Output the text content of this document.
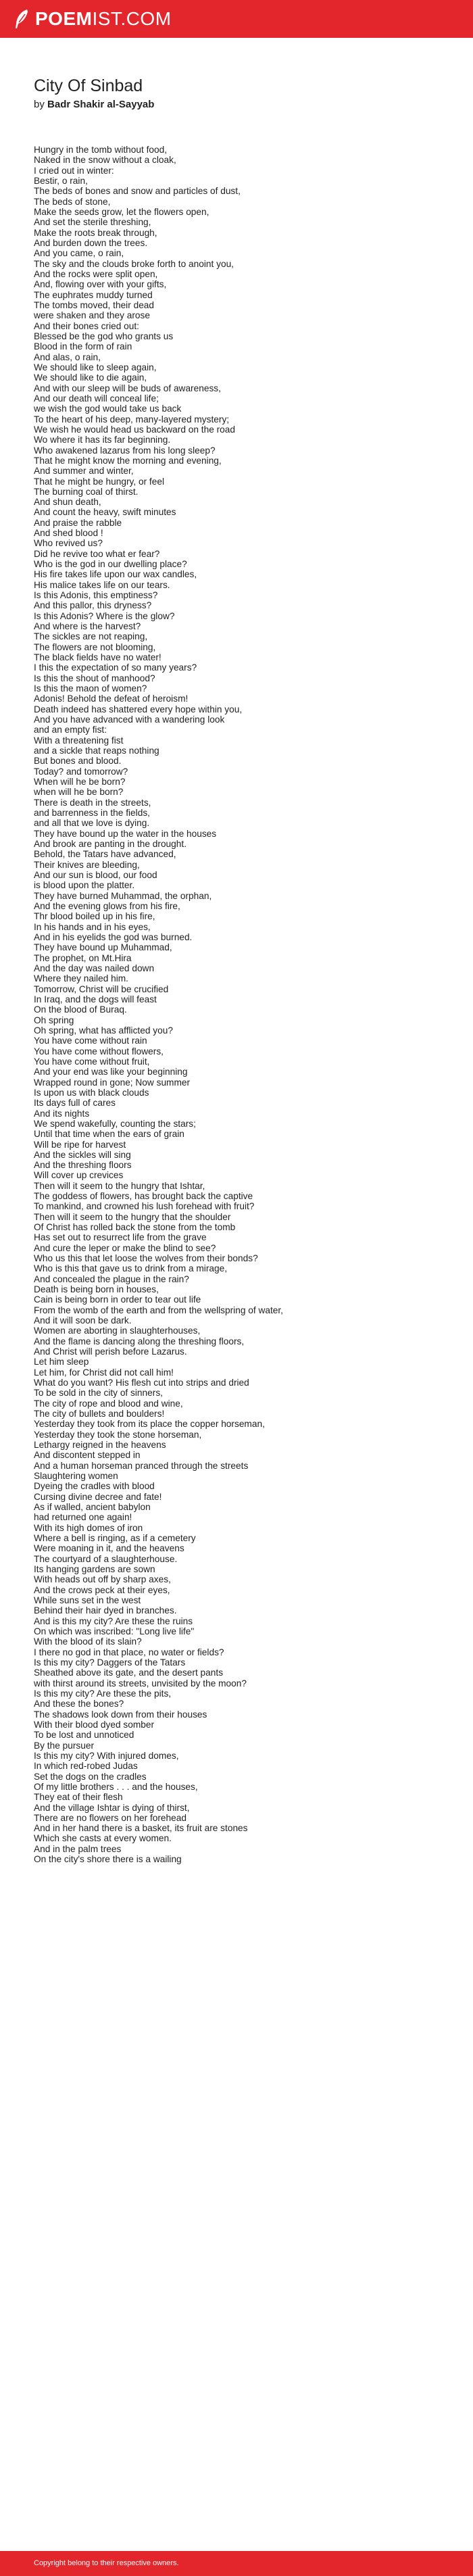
POEMIST.COM
City Of Sinbad
by Badr Shakir al-Sayyab
Hungry in the tomb without food,
Naked in the snow without a cloak,
I cried out in winter:
Bestir, o rain,
The beds of bones and snow and particles of dust,
The beds of stone,
Make the seeds grow, let the flowers open,
And set the sterile threshing,
Make the roots break through,
And burden down the trees.
And you came, o rain,
The sky and the clouds broke forth to anoint you,
And the rocks were split open,
And, flowing over with your gifts,
The euphrates muddy turned
The tombs moved, their dead
were shaken and they arose
And their bones cried out:
Blessed be the god who grants us
Blood in the form of rain
And alas, o rain,
We should like to sleep again,
We should like to die again,
And with our sleep will be buds of awareness,
And our death will conceal life;
we wish the god would take us back
To the heart of his deep, many-layered mystery;
We wish he would head us backward on the road
Wo where it has its far beginning.
Who awakened lazarus from his long sleep?
That he might know the morning and evening,
And summer and winter,
That he might be hungry, or feel
The burning coal of thirst.
And shun death,
And count the heavy, swift minutes
And praise the rabble
And shed blood !
Who revived us?
Did he revive too what er fear?
Who is the god in our dwelling place?
His fire takes life upon our wax candles,
His malice takes life on our tears.
Is this Adonis, this emptiness?
And this pallor, this dryness?
Is this Adonis? Where is the glow?
And where is the harvest?
The sickles are not reaping,
The flowers are not blooming,
The black fields have no water!
I this the expectation of so many years?
Is this the shout of manhood?
Is this the maon of women?
Adonis! Behold the defeat of heroism!
Death indeed has shattered every hope within you,
And you have advanced with a wandering look
and an empty fist:
With a threatening fist
and a sickle that reaps nothing
But bones and blood.
Today? and tomorrow?
When will he be born?
when will he be born?
There is death in the streets,
and barrenness in the fields,
and all that we love is dying.
They have bound up the water in the houses
And brook are panting in the drought.
Behold, the Tatars have advanced,
Their knives are bleeding,
And our sun is blood, our food
is blood upon the platter.
They have burned Muhammad, the orphan,
And the evening glows from his fire,
Thr blood boiled up in his fire,
In his hands and in his eyes,
And in his eyelids the god was burned.
They have bound up Muhammad,
The prophet, on Mt.Hira
And the day was nailed down
Where they nailed him.
Tomorrow, Christ will be crucified
In Iraq, and the dogs will feast
On the blood of Buraq.
Oh spring
Oh spring, what has afflicted you?
You have come without rain
You have come without flowers,
You have come without fruit,
And your end was like your beginning
Wrapped round in gone; Now summer
Is upon us with black clouds
Its days full of cares
And its nights
We spend wakefully, counting the stars;
Until that time when the ears of grain
Will be ripe for harvest
And the sickles will sing
And the threshing floors
Will cover up crevices
Then will it seem to the hungry that Ishtar,
The goddess of flowers, has brought back the captive
To mankind, and crowned his lush forehead with fruit?
Then will it seem to the hungry that the shoulder
Of Christ has rolled back the stone from the tomb
Has set out to resurrect life from the grave
And cure the leper or make the blind to see?
Who us this that let loose the wolves from their bonds?
Who is this that gave us to drink from a mirage,
And concealed the plague in the rain?
Death is being born in houses,
Cain is being born in order to tear out life
From the womb of the earth and from the wellspring of water,
And it will soon be dark.
Women are aborting in slaughterhouses,
And the flame is dancing along the threshing floors,
And Christ will perish before Lazarus.
Let him sleep
Let him, for Christ did not call him!
What do you want? His flesh cut into strips and dried
To be sold in the city of sinners,
The city of rope and blood and wine,
The city of bullets and boulders!
Yesterday they took from its place the copper horseman,
Yesterday they took the stone horseman,
Lethargy reigned in the heavens
And discontent stepped in
And a human horseman pranced through the streets
Slaughtering women
Dyeing the cradles with blood
Cursing divine decree and fate!
As if walled, ancient babylon
had returned one again!
With its high domes of iron
Where a bell is ringing, as if a cemetery
Were moaning in it, and the heavens
The courtyard of a slaughterhouse.
Its hanging gardens are sown
With heads out off by sharp axes,
And the crows peck at their eyes,
While suns set in the west
Behind their hair dyed in branches.
And is this my city? Are these the ruins
On which was inscribed: "Long live life"
With the blood of its slain?
I there no god in that place, no water or fields?
Is this my city? Daggers of the Tatars
Sheathed above its gate, and the desert pants
with thirst around its streets, unvisited by the moon?
Is this my city? Are these the pits,
And these the bones?
The shadows look down from their houses
With their blood dyed somber
To be lost and unnoticed
By the pursuer
Is this my city? With injured domes,
In which red-robed Judas
Set the dogs on the cradles
Of my little brothers . . . and the houses,
They eat of their flesh
And the village Ishtar is dying of thirst,
There are no flowers on her forehead
And in her hand there is a basket, its fruit are stones
Which she casts at every women.
And in the palm trees
On the city's shore there is a wailing
Copyright belong to their respective owners.
